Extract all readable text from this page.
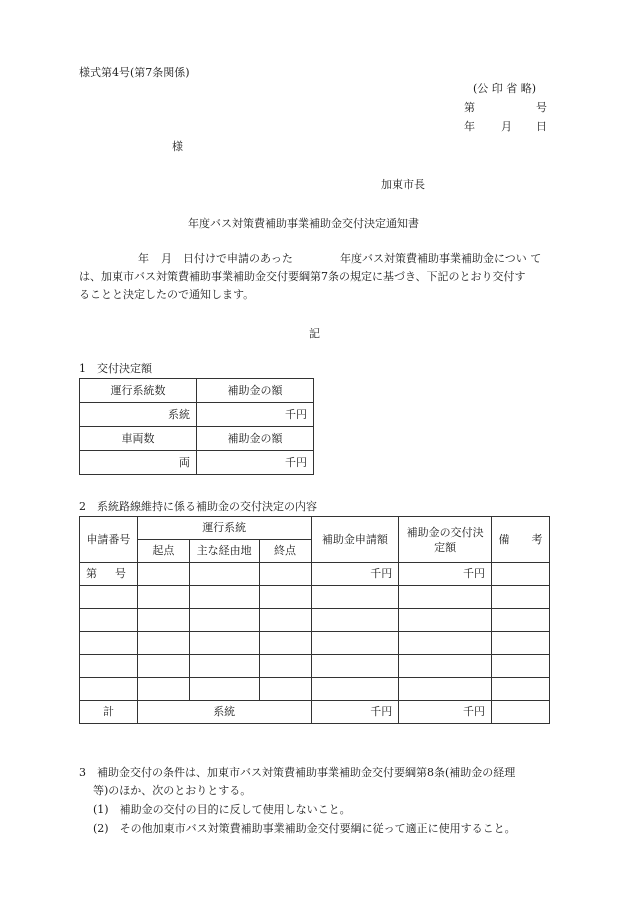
様式第4号(第7条関係)
(公 印 省 略)
第	号
年 月 日
様
加東市長
年度バス対策費補助事業補助金交付決定通知書
年 月 日付けで申請のあった	年度バス対策費補助事業補助金につい て
は、加東市バス対策費補助事業補助金交付要綱第7条の規定に基づき、下記のとおり交付す
ることと決定したので通知します。
記
1　交付決定額
運行系統数	補助金の額
系統	千円
車両数	補助金の額
両	千円
2　系統路線維持に係る補助金の交付決定の内容
申請番号	運行系統			補助金申請額	補助金の交付決定額	備　　考
	起点	主な経由地	終点			
第 号				千円	千円	

計	系統			千円	千円	
3　補助金交付の条件は、加東市バス対策費補助事業補助金交付要綱第8条(補助金の経理
等)のほか、次のとおりとする。
(1)　補助金の交付の目的に反して使用しないこと。
(2)　その他加東市バス対策費補助事業補助金交付要綱に従って適正に使用すること。
